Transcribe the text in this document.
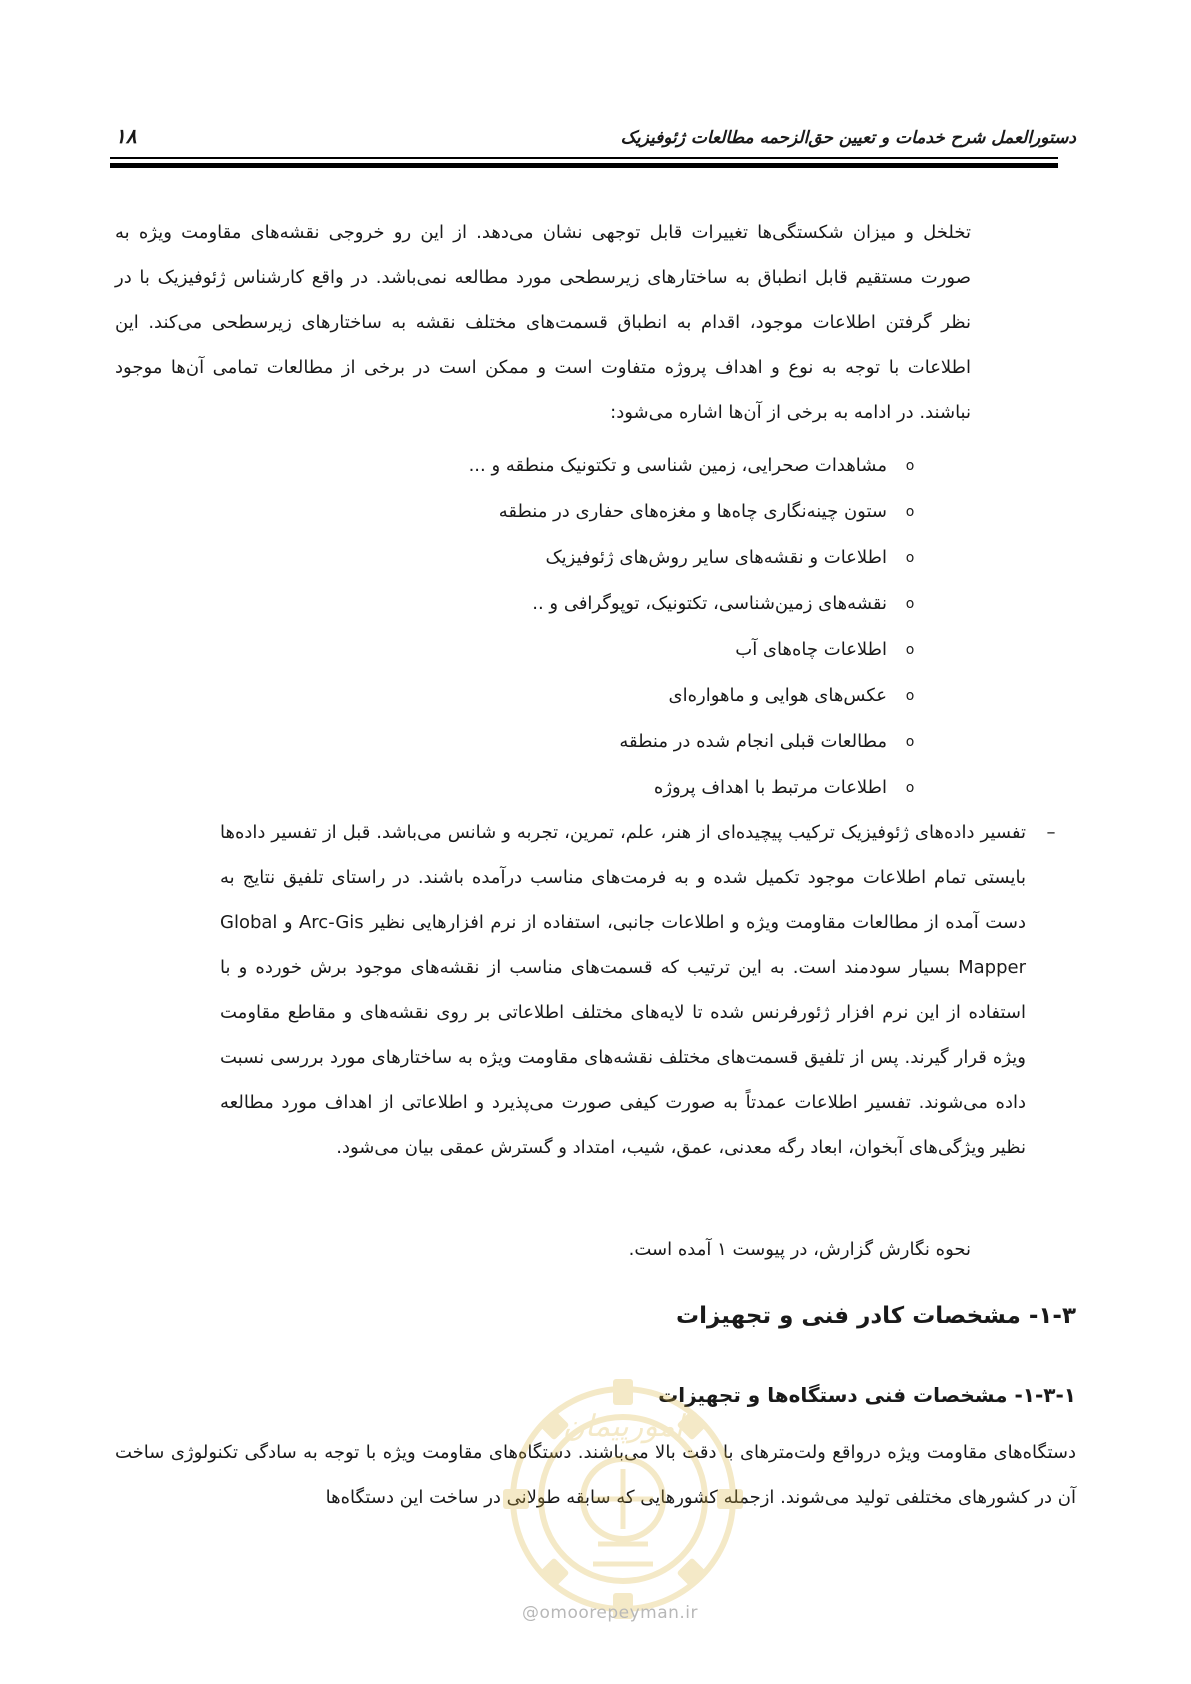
دستورالعمل شرح خدمات و تعیین حق‌الزحمه مطالعات ژئوفیزیک
۱۸

تخلخل و میزان شکستگی‌ها تغییرات قابل توجهی نشان می‌دهد. از این رو خروجی نقشه‌های مقاومت ویژه به صورت مستقیم قابل انطباق به ساختارهای زیرسطحی مورد مطالعه نمی‌باشد. در واقع کارشناس ژئوفیزیک با در نظر گرفتن اطلاعات موجود، اقدام به انطباق قسمت‌های مختلف نقشه به ساختارهای زیرسطحی می‌کند. این اطلاعات با توجه به نوع و اهداف پروژه متفاوت است و ممکن است در برخی از مطالعات تمامی آن‌ها موجود نباشند. در ادامه به برخی از آن‌ها اشاره می‌شود:

o
مشاهدات صحرایی، زمین شناسی و تکتونیک منطقه و ...
o
ستون چینه‌نگاری چاه‌ها و مغزه‌های حفاری در منطقه
o
اطلاعات و نقشه‌های سایر روش‌های ژئوفیزیک
o
نقشه‌های زمین‌شناسی، تکتونیک، توپوگرافی و ..
o
اطلاعات چاه‌های آب
o
عکس‌های هوایی و ماهواره‌ای
o
مطالعات قبلی انجام شده در منطقه
o
اطلاعات مرتبط با اهداف پروژه
–

تفسیر داده‌های ژئوفیزیک ترکیب پیچیده‌ای از هنر، علم، تمرین، تجربه و شانس می‌باشد. قبل از تفسیر داده‌ها بایستی تمام اطلاعات موجود تکمیل شده و به فرمت‌های مناسب درآمده باشند. در راستای تلفیق نتایج به دست آمده از مطالعات مقاومت ویژه و اطلاعات جانبی، استفاده از نرم افزارهایی نظیر Arc-Gis و Global Mapper بسیار سودمند است. به این ترتیب که قسمت‌های مناسب از نقشه‌های موجود برش خورده و با استفاده از این نرم افزار ژئورفرنس شده تا لایه‌های مختلف اطلاعاتی بر روی نقشه‌های و مقاطع مقاومت ویژه قرار گیرند. پس از تلفیق قسمت‌های مختلف نقشه‌های مقاومت ویژه به ساختارهای مورد بررسی نسبت داده می‌شوند. تفسیر اطلاعات عمدتاً به صورت کیفی صورت می‌پذیرد و اطلاعاتی از اهداف مورد مطالعه نظیر ویژگی‌های آبخوان، ابعاد رگه معدنی، عمق، شیب، امتداد و گسترش عمقی بیان می‌شود.

نحوه نگارش گزارش، در پیوست ۱ آمده است.

۱-۳- مشخصات کادر فنی و تجهیزات
۱-۳-۱- مشخصات فنی دستگاه‌ها و تجهیزات

دستگاه‌های مقاومت ویژه درواقع ولت‌مترهای با دقت بالا می‌باشند. دستگاه‌های مقاومت ویژه با توجه به سادگی تکنولوژی ساخت آن در کشورهای مختلفی تولید می‌شوند. ازجمله کشورهایی که سابقه طولانی در ساخت این دستگاه‌ها

امورپیمان
@omoorepeyman.ir
